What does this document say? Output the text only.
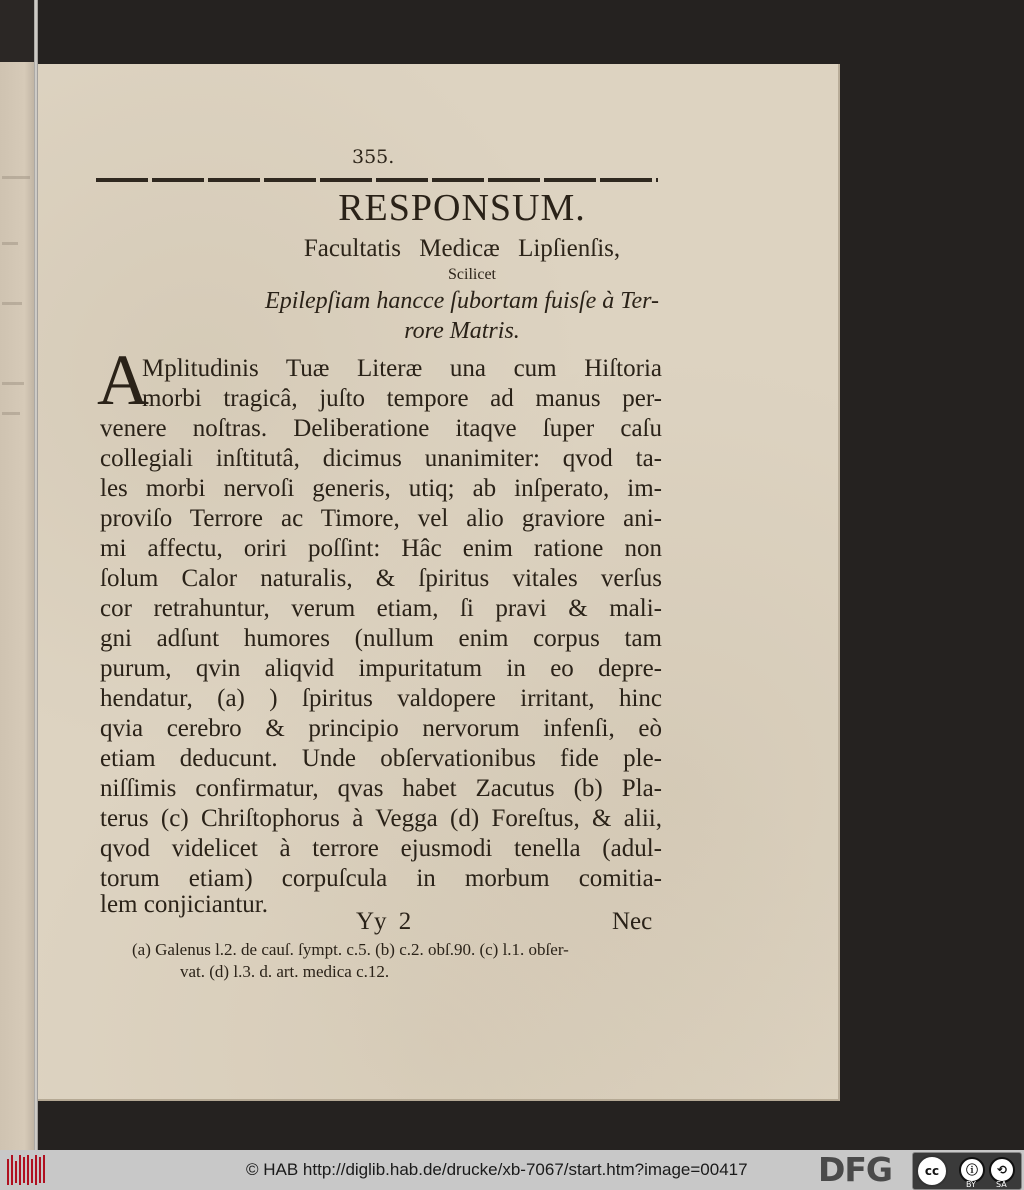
355.
RESPONSUM.
Facultatis Medicæ Lipſienſis,
Scilicet
Epilepſiam hancce ſubortam fuisſe à Ter-
rore Matris.
A
Mplitudinis Tuæ Literæ una cum Hiſtoria
morbi tragicâ, juſto tempore ad manus per-
venere noſtras. Deliberatione itaqve ſuper caſu
collegiali inſtitutâ, dicimus unanimiter: qvod ta-
les morbi nervoſi generis, utiq; ab inſperato, im-
proviſo Terrore ac Timore, vel alio graviore ani-
mi affectu, oriri poſſint: Hâc enim ratione non
ſolum Calor naturalis, & ſpiritus vitales verſus
cor retrahuntur, verum etiam, ſi pravi & mali-
gni adſunt humores (nullum enim corpus tam
purum, qvin aliqvid impuritatum in eo depre-
hendatur, (a) ) ſpiritus valdopere irritant, hinc
qvia cerebro & principio nervorum infenſi, eò
etiam deducunt. Unde obſervationibus fide ple-
niſſimis confirmatur, qvas habet Zacutus (b) Pla-
terus (c) Chriſtophorus à Vegga (d) Foreſtus, & alii,
qvod videlicet à terrore ejusmodi tenella (adul-
torum etiam) corpuſcula in morbum comitia-
lem conjiciantur.
Yy 2	Nec
(a) Galenus l.2. de cauſ. ſympt. c.5. (b) c.2. obſ.90. (c) l.1. obſer-
vat. (d) l.3. d. art. medica c.12.
© HAB http://diglib.hab.de/drucke/xb-7067/start.htm?image=00417 DFG	cc	ⓘ	⟲
BY	SA
